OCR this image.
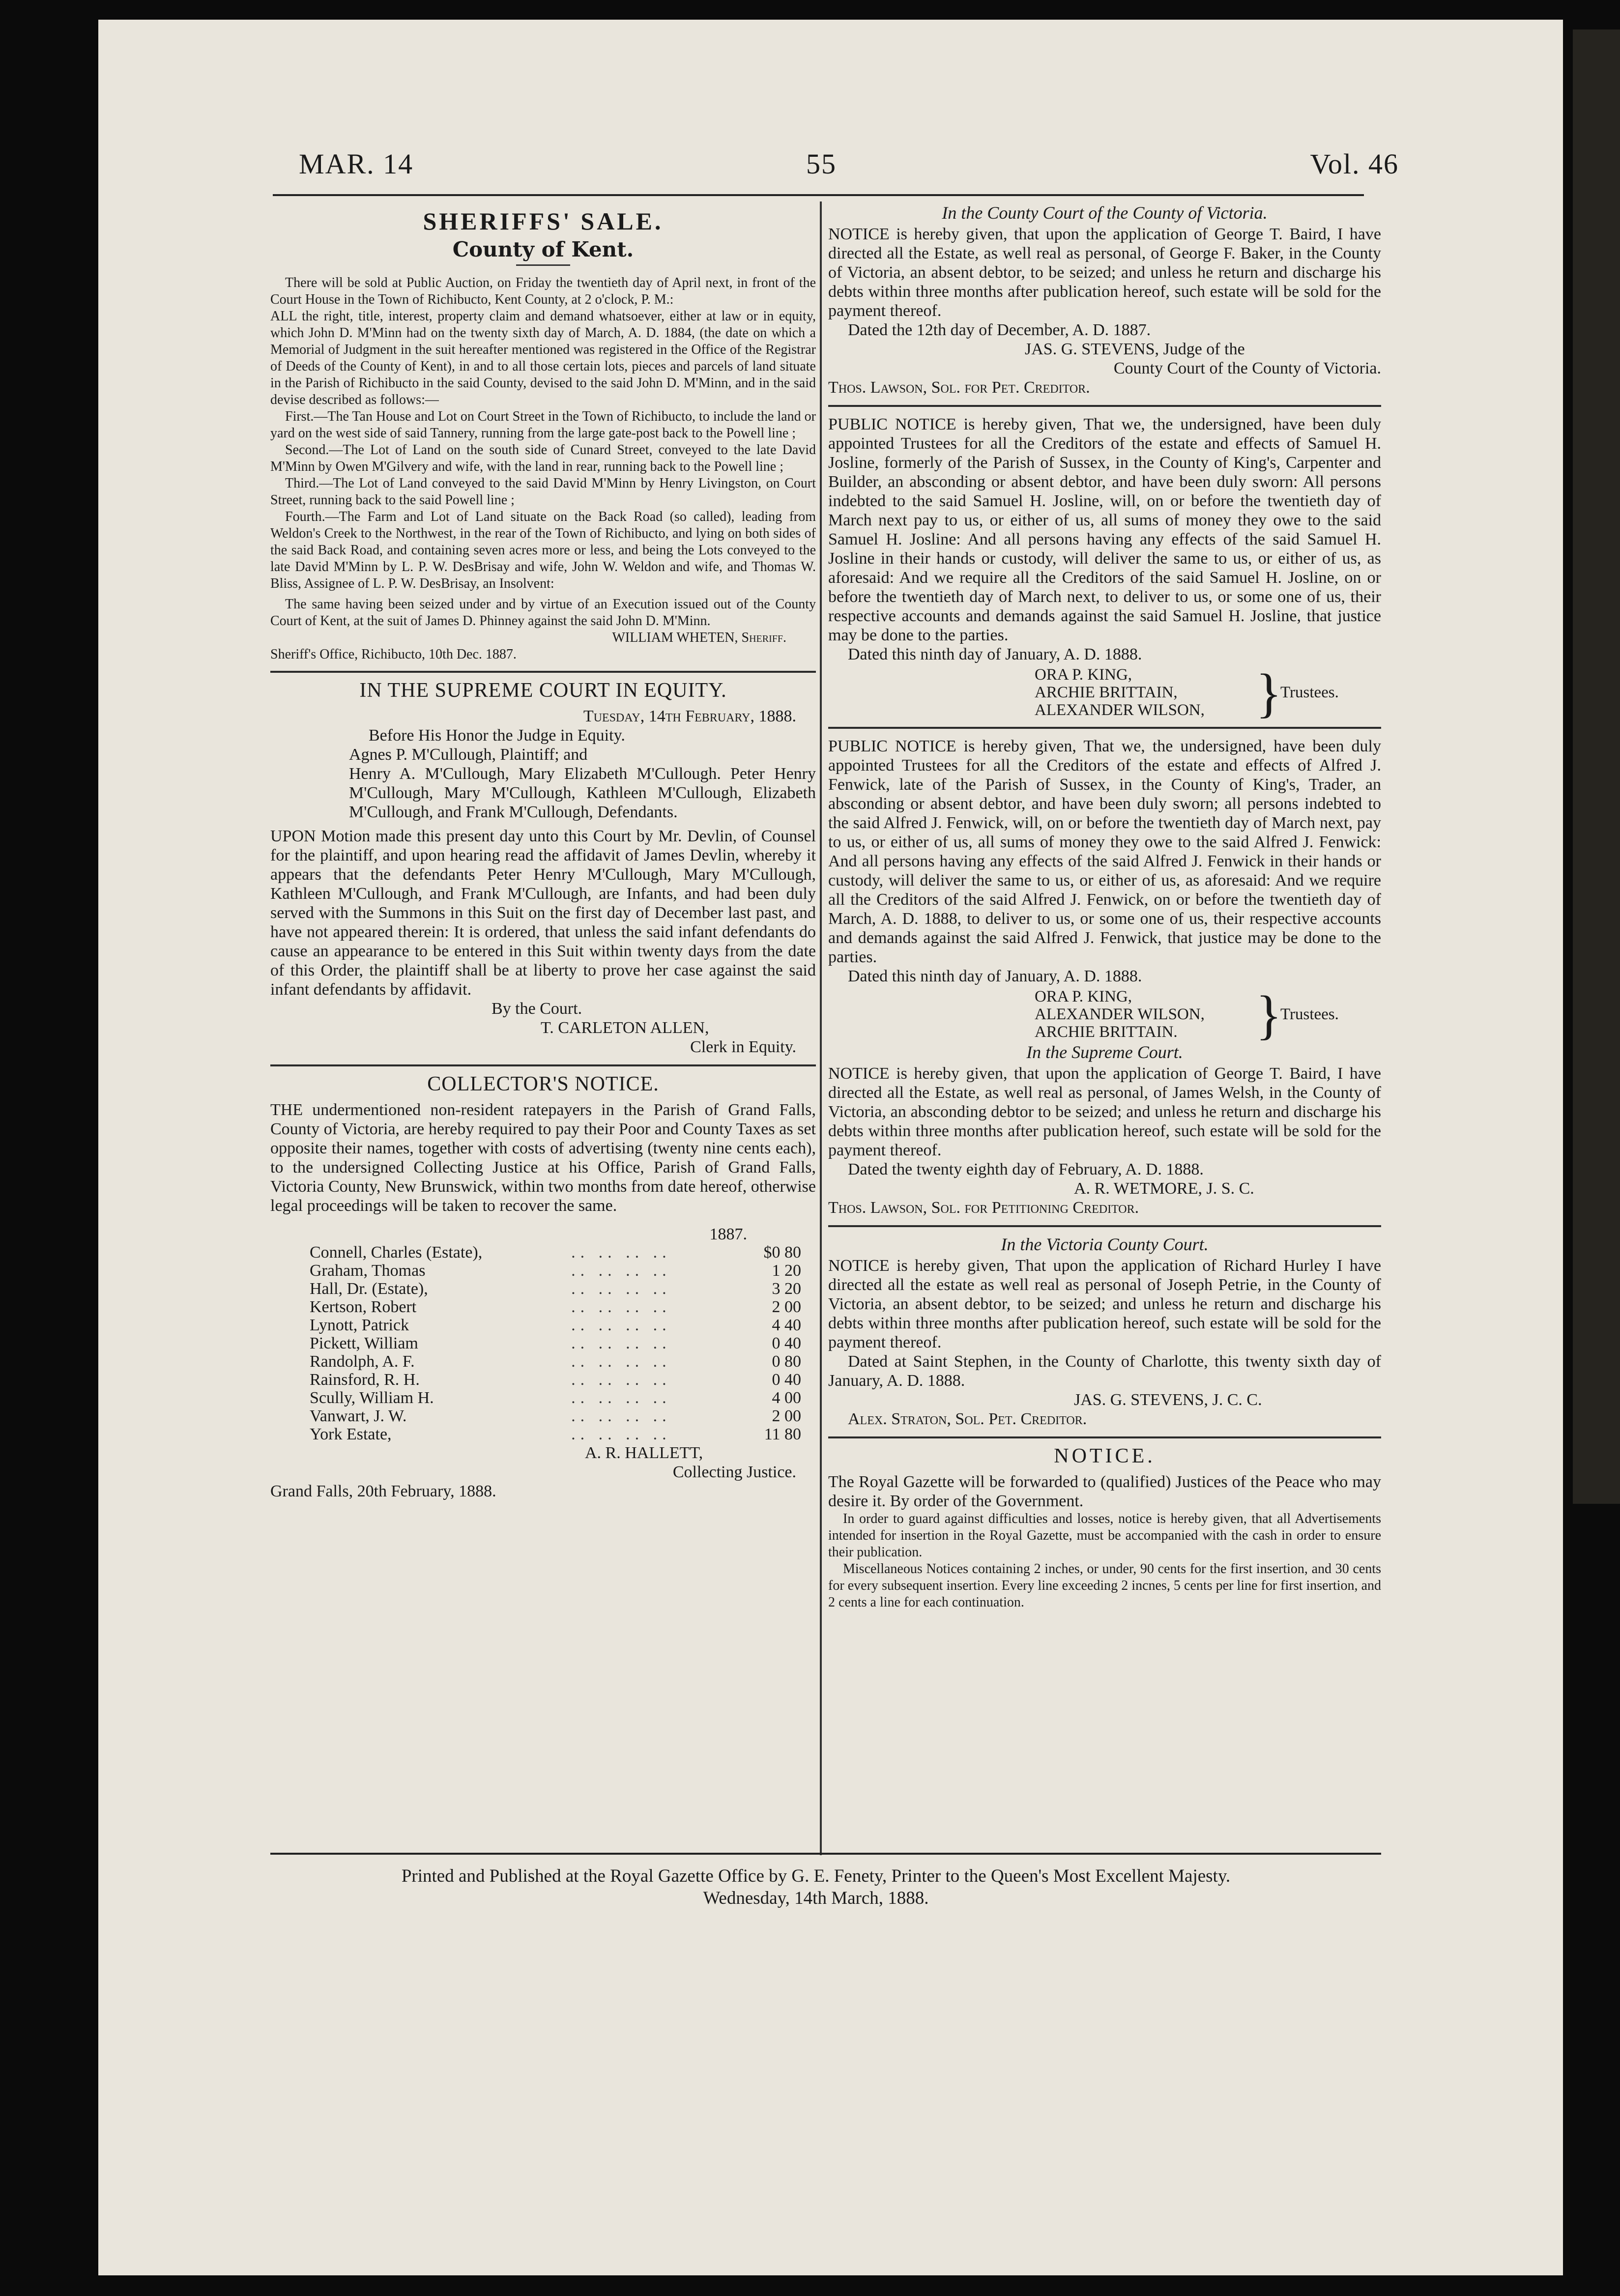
MAR. 14	55	Vol. 46
SHERIFFS' SALE.
County of Kent.

There will be sold at Public Auction, on Friday the twentieth day of April next, in front of the Court House in the Town of Richibucto, Kent County, at 2 o'clock, P. M.:

ALL the right, title, interest, property claim and demand whatsoever, either at law or in equity, which John D. M'Minn had on the twenty sixth day of March, A. D. 1884, (the date on which a Memorial of Judgment in the suit hereafter mentioned was registered in the Office of the Registrar of Deeds of the County of Kent), in and to all those certain lots, pieces and parcels of land situate in the Parish of Richibucto in the said County, devised to the said John D. M'Minn, and in the said devise described as follows:—

First.—The Tan House and Lot on Court Street in the Town of Richibucto, to include the land or yard on the west side of said Tannery, running from the large gate-post back to the Powell line ;

Second.—The Lot of Land on the south side of Cunard Street, conveyed to the late David M'Minn by Owen M'Gilvery and wife, with the land in rear, running back to the Powell line ;

Third.—The Lot of Land conveyed to the said David M'Minn by Henry Livingston, on Court Street, running back to the said Powell line ;

Fourth.—The Farm and Lot of Land situate on the Back Road (so called), leading from Weldon's Creek to the Northwest, in the rear of the Town of Richibucto, and lying on both sides of the said Back Road, and containing seven acres more or less, and being the Lots conveyed to the late David M'Minn by L. P. W. DesBrisay and wife, John W. Weldon and wife, and Thomas W. Bliss, Assignee of L. P. W. DesBrisay, an Insolvent:

The same having been seized under and by virtue of an Execution issued out of the County Court of Kent, at the suit of James D. Phinney against the said John D. M'Minn.

WILLIAM WHETEN, Sheriff.

Sheriff's Office, Richibucto, 10th Dec. 1887.

IN THE SUPREME COURT IN EQUITY.

Tuesday, 14th February, 1888.

Before His Honor the Judge in Equity.

Agnes P. M'Cullough, Plaintiff; and

Henry A. M'Cullough, Mary Elizabeth M'Cullough. Peter Henry M'Cullough, Mary M'Cullough, Kathleen M'Cullough, Elizabeth M'Cullough, and Frank M'Cullough, Defendants.

UPON Motion made this present day unto this Court by Mr. Devlin, of Counsel for the plaintiff, and upon hearing read the affidavit of James Devlin, whereby it appears that the defendants Peter Henry M'Cullough, Mary M'Cullough, Kathleen M'Cullough, and Frank M'Cullough, are Infants, and had been duly served with the Summons in this Suit on the first day of December last past, and have not appeared therein: It is ordered, that unless the said infant defendants do cause an appearance to be entered in this Suit within twenty days from the date of this Order, the plaintiff shall be at liberty to prove her case against the said infant defendants by affidavit.

By the Court.

T. CARLETON ALLEN,

Clerk in Equity.

COLLECTOR'S NOTICE.

THE undermentioned non-resident ratepayers in the Parish of Grand Falls, County of Victoria, are hereby required to pay their Poor and County Taxes as set opposite their names, together with costs of advertising (twenty nine cents each), to the undersigned Collecting Justice at his Office, Parish of Grand Falls, Victoria County, New Brunswick, within two months from date hereof, otherwise legal proceedings will be taken to recover the same.

1887.
Connell, Charles (Estate),	.. .. .. ..	$0 80
Graham, Thomas	.. .. .. ..	1 20
Hall, Dr. (Estate),	.. .. .. ..	3 20
Kertson, Robert	.. .. .. ..	2 00
Lynott, Patrick	.. .. .. ..	4 40
Pickett, William	.. .. .. ..	0 40
Randolph, A. F.	.. .. .. ..	0 80
Rainsford, R. H.	.. .. .. ..	0 40
Scully, William H.	.. .. .. ..	4 00
Vanwart, J. W.	.. .. .. ..	2 00
York Estate,	.. .. .. ..	11 80

A. R. HALLETT,

Collecting Justice.

Grand Falls, 20th February, 1888.

In the County Court of the County of Victoria.

NOTICE is hereby given, that upon the application of George T. Baird, I have directed all the Estate, as well real as personal, of George F. Baker, in the County of Victoria, an absent debtor, to be seized; and unless he return and discharge his debts within three months after publication hereof, such estate will be sold for the payment thereof.

Dated the 12th day of December, A. D. 1887.

JAS. G. STEVENS, Judge of the

County Court of the County of Victoria.

Thos. Lawson, Sol. for Pet. Creditor.

PUBLIC NOTICE is hereby given, That we, the undersigned, have been duly appointed Trustees for all the Creditors of the estate and effects of Samuel H. Josline, formerly of the Parish of Sussex, in the County of King's, Carpenter and Builder, an absconding or absent debtor, and have been duly sworn: All persons indebted to the said Samuel H. Josline, will, on or before the twentieth day of March next pay to us, or either of us, all sums of money they owe to the said Samuel H. Josline: And all persons having any effects of the said Samuel H. Josline in their hands or custody, will deliver the same to us, or either of us, as aforesaid: And we require all the Creditors of the said Samuel H. Josline, on or before the twentieth day of March next, to deliver to us, or some one of us, their respective accounts and demands against the said Samuel H. Josline, that justice may be done to the parties.

Dated this ninth day of January, A. D. 1888.

ORA P. KING,
ARCHIE BRITTAIN,
ALEXANDER WILSON, }
Trustees.

PUBLIC NOTICE is hereby given, That we, the undersigned, have been duly appointed Trustees for all the Creditors of the estate and effects of Alfred J. Fenwick, late of the Parish of Sussex, in the County of King's, Trader, an absconding or absent debtor, and have been duly sworn; all persons indebted to the said Alfred J. Fenwick, will, on or before the twentieth day of March next, pay to us, or either of us, all sums of money they owe to the said Alfred J. Fenwick: And all persons having any effects of the said Alfred J. Fenwick in their hands or custody, will deliver the same to us, or either of us, as aforesaid: And we require all the Creditors of the said Alfred J. Fenwick, on or before the twentieth day of March, A. D. 1888, to deliver to us, or some one of us, their respective accounts and demands against the said Alfred J. Fenwick, that justice may be done to the parties.

Dated this ninth day of January, A. D. 1888.

ORA P. KING,
ALEXANDER WILSON,
ARCHIE BRITTAIN.	}
Trustees.
In the Supreme Court.

NOTICE is hereby given, that upon the application of George T. Baird, I have directed all the Estate, as well real as personal, of James Welsh, in the County of Victoria, an absconding debtor to be seized; and unless he return and discharge his debts within three months after publication hereof, such estate will be sold for the payment thereof.

Dated the twenty eighth day of February, A. D. 1888.

A. R. WETMORE, J. S. C.

Thos. Lawson, Sol. for Petitioning Creditor.

In the Victoria County Court.

NOTICE is hereby given, That upon the application of Richard Hurley I have directed all the estate as well real as personal of Joseph Petrie, in the County of Victoria, an absent debtor, to be seized; and unless he return and discharge his debts within three months after publication hereof, such estate will be sold for the payment thereof.

Dated at Saint Stephen, in the County of Charlotte, this twenty sixth day of January, A. D. 1888.

JAS. G. STEVENS, J. C. C.

Alex. Straton, Sol. Pet. Creditor.

NOTICE.
The Royal Gazette will be forwarded to (qualified) Justices of the Peace who may desire it. By order of the Government.

In order to guard against difficulties and losses, notice is hereby given, that all Advertisements intended for insertion in the Royal Gazette, must be accompanied with the cash in order to ensure their publication.

Miscellaneous Notices containing 2 inches, or under, 90 cents for the first insertion, and 30 cents for every subsequent insertion. Every line exceeding 2 incnes, 5 cents per line for first insertion, and 2 cents a line for each continuation.

Printed and Published at the Royal Gazette Office by G. E. Fenety, Printer to the Queen's Most Excellent Majesty.
Wednesday, 14th March, 1888.
